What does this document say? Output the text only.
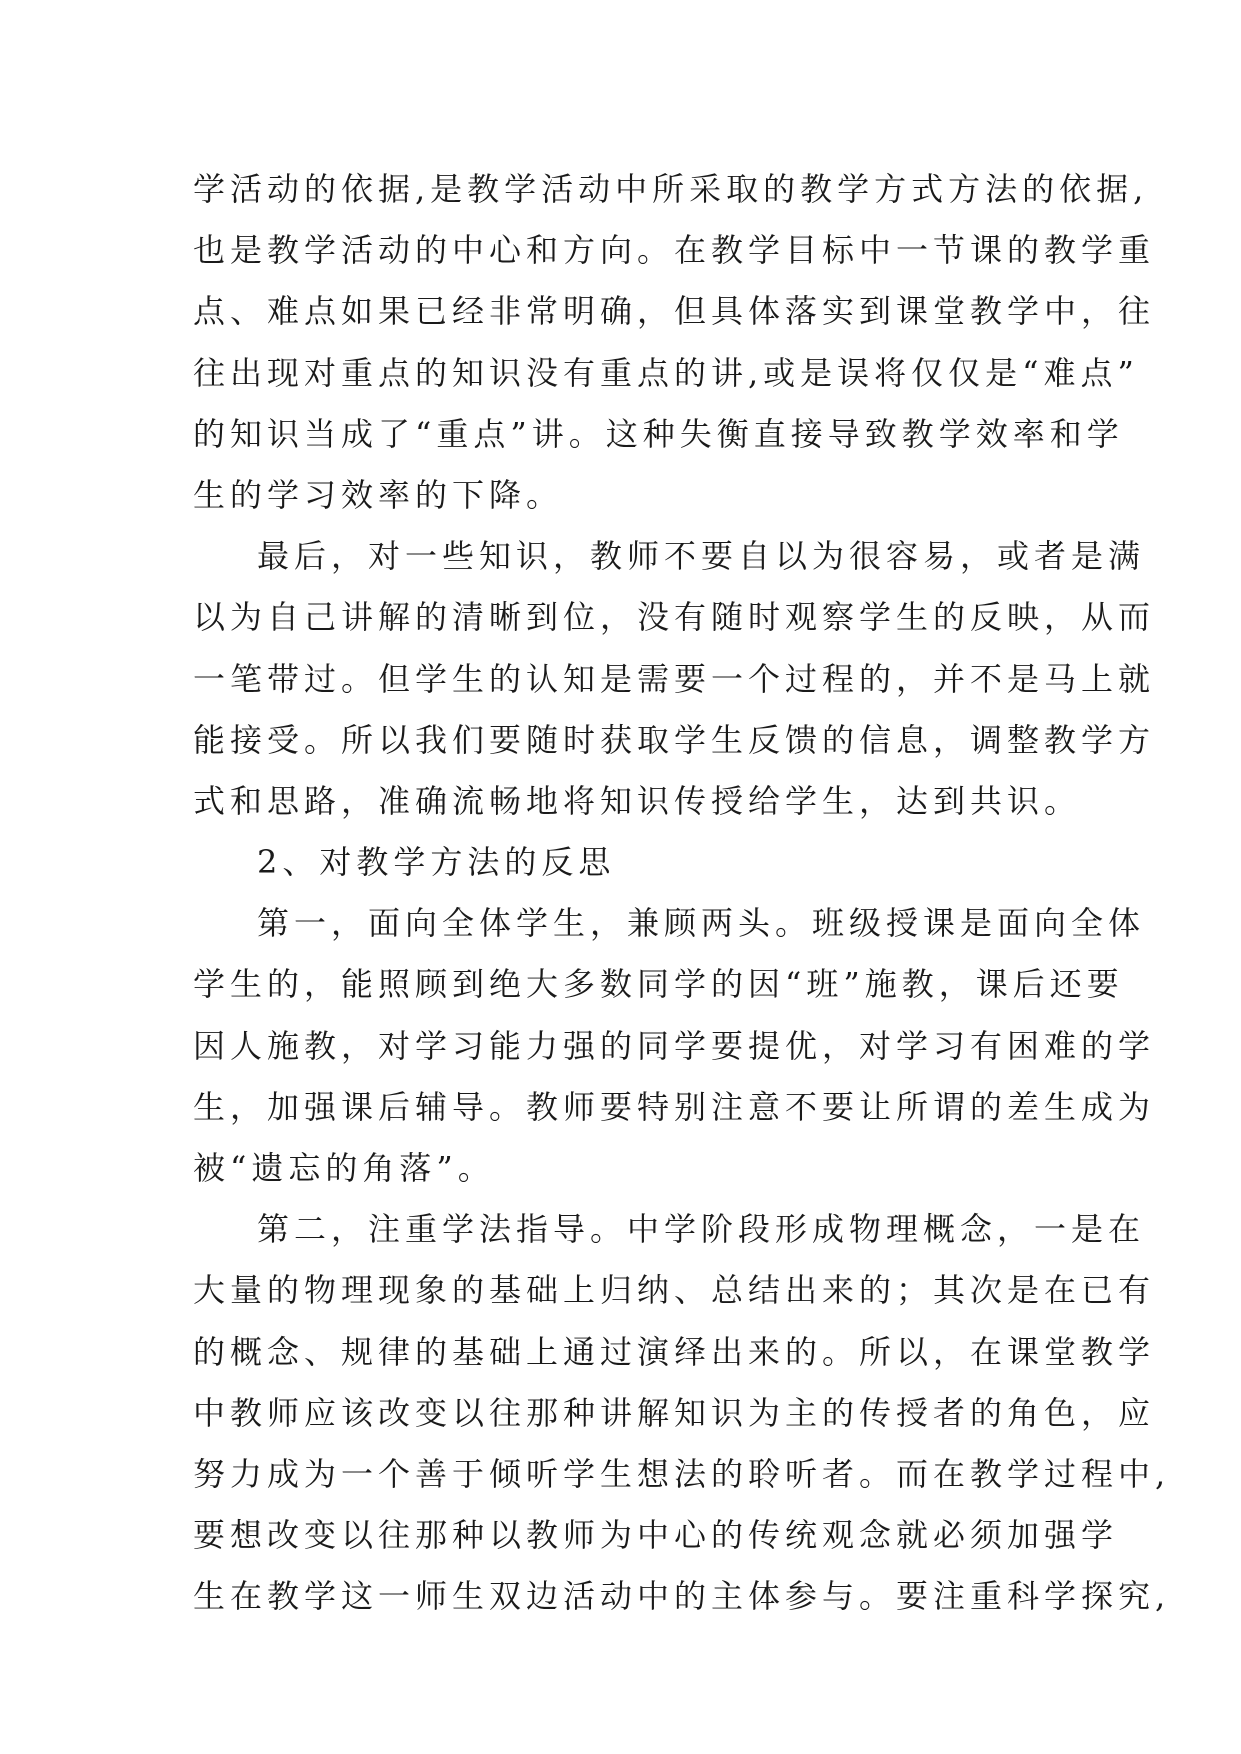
学活动的依据,是教学活动中所采取的教学方式方法的依据,

也是教学活动的中心和方向。在教学目标中一节课的教学重

点、难点如果已经非常明确，但具体落实到课堂教学中，往

往出现对重点的知识没有重点的讲,或是误将仅仅是“难点”

的知识当成了“重点”讲。这种失衡直接导致教学效率和学

生的学习效率的下降。

最后，对一些知识，教师不要自以为很容易，或者是满

以为自己讲解的清晰到位，没有随时观察学生的反映，从而

一笔带过。但学生的认知是需要一个过程的，并不是马上就

能接受。所以我们要随时获取学生反馈的信息，调整教学方

式和思路，准确流畅地将知识传授给学生，达到共识。

2、对教学方法的反思

第一，面向全体学生，兼顾两头。班级授课是面向全体

学生的，能照顾到绝大多数同学的因“班”施教，课后还要

因人施教，对学习能力强的同学要提优，对学习有困难的学

生，加强课后辅导。教师要特别注意不要让所谓的差生成为

被“遗忘的角落”。

第二，注重学法指导。中学阶段形成物理概念，一是在

大量的物理现象的基础上归纳、总结出来的；其次是在已有

的概念、规律的基础上通过演绎出来的。所以，在课堂教学

中教师应该改变以往那种讲解知识为主的传授者的角色，应

努力成为一个善于倾听学生想法的聆听者。而在教学过程中,

要想改变以往那种以教师为中心的传统观念就必须加强学

生在教学这一师生双边活动中的主体参与。要注重科学探究,
